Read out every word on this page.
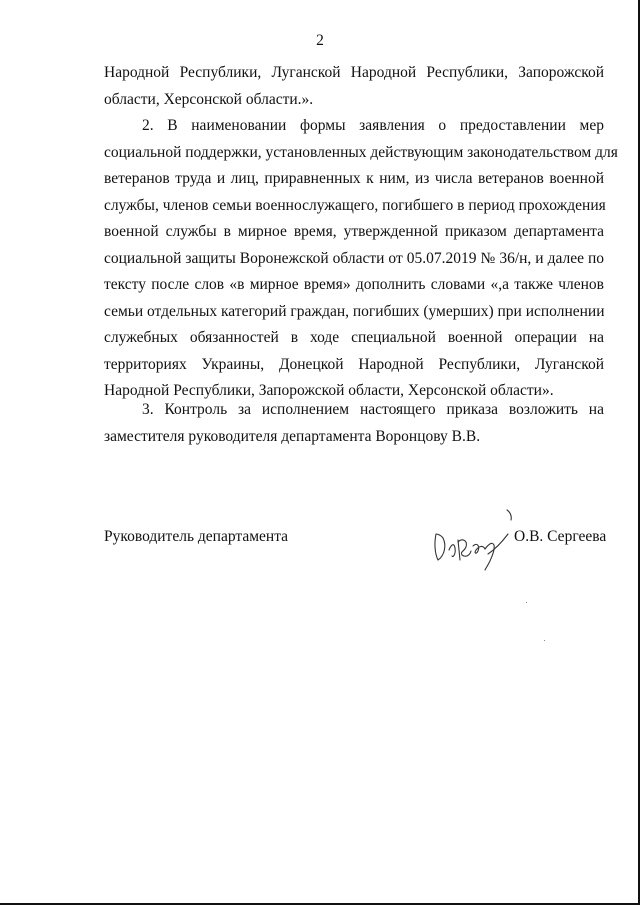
2
Народной Республики, Луганской Народной Республики, Запорожской
области, Херсонской области.».
2. В наименовании формы заявления о предоставлении мер
социальной поддержки, установленных действующим законодательством для
ветеранов труда и лиц, приравненных к ним, из числа ветеранов военной
службы, членов семьи военнослужащего, погибшего в период прохождения
военной службы в мирное время, утвержденной приказом департамента
социальной защиты Воронежской области от 05.07.2019 № 36/н, и далее по
тексту после слов «в мирное время» дополнить словами «,а также членов
семьи отдельных категорий граждан, погибших (умерших) при исполнении
служебных обязанностей в ходе специальной военной операции на
территориях Украины, Донецкой Народной Республики, Луганской
Народной Республики, Запорожской области, Херсонской области».
3. Контроль за исполнением настоящего приказа возложить на
заместителя руководителя департамента Воронцову В.В.
Руководитель департамента	О.В. Сергеева
